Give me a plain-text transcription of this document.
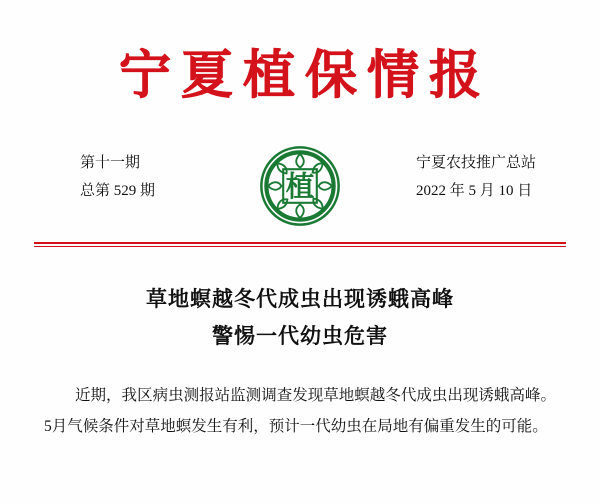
宁夏植保情报
第十一期
总第 529 期	植
宁夏农技推广总站
2022 年 5 月 10 日
草地螟越冬代成虫出现诱蛾高峰
警惕一代幼虫危害

近期，我区病虫测报站监测调查发现草地螟越冬代成虫出现诱蛾高峰。5月气候条件对草地螟发生有利，预计一代幼虫在局地有偏重发生的可能。
